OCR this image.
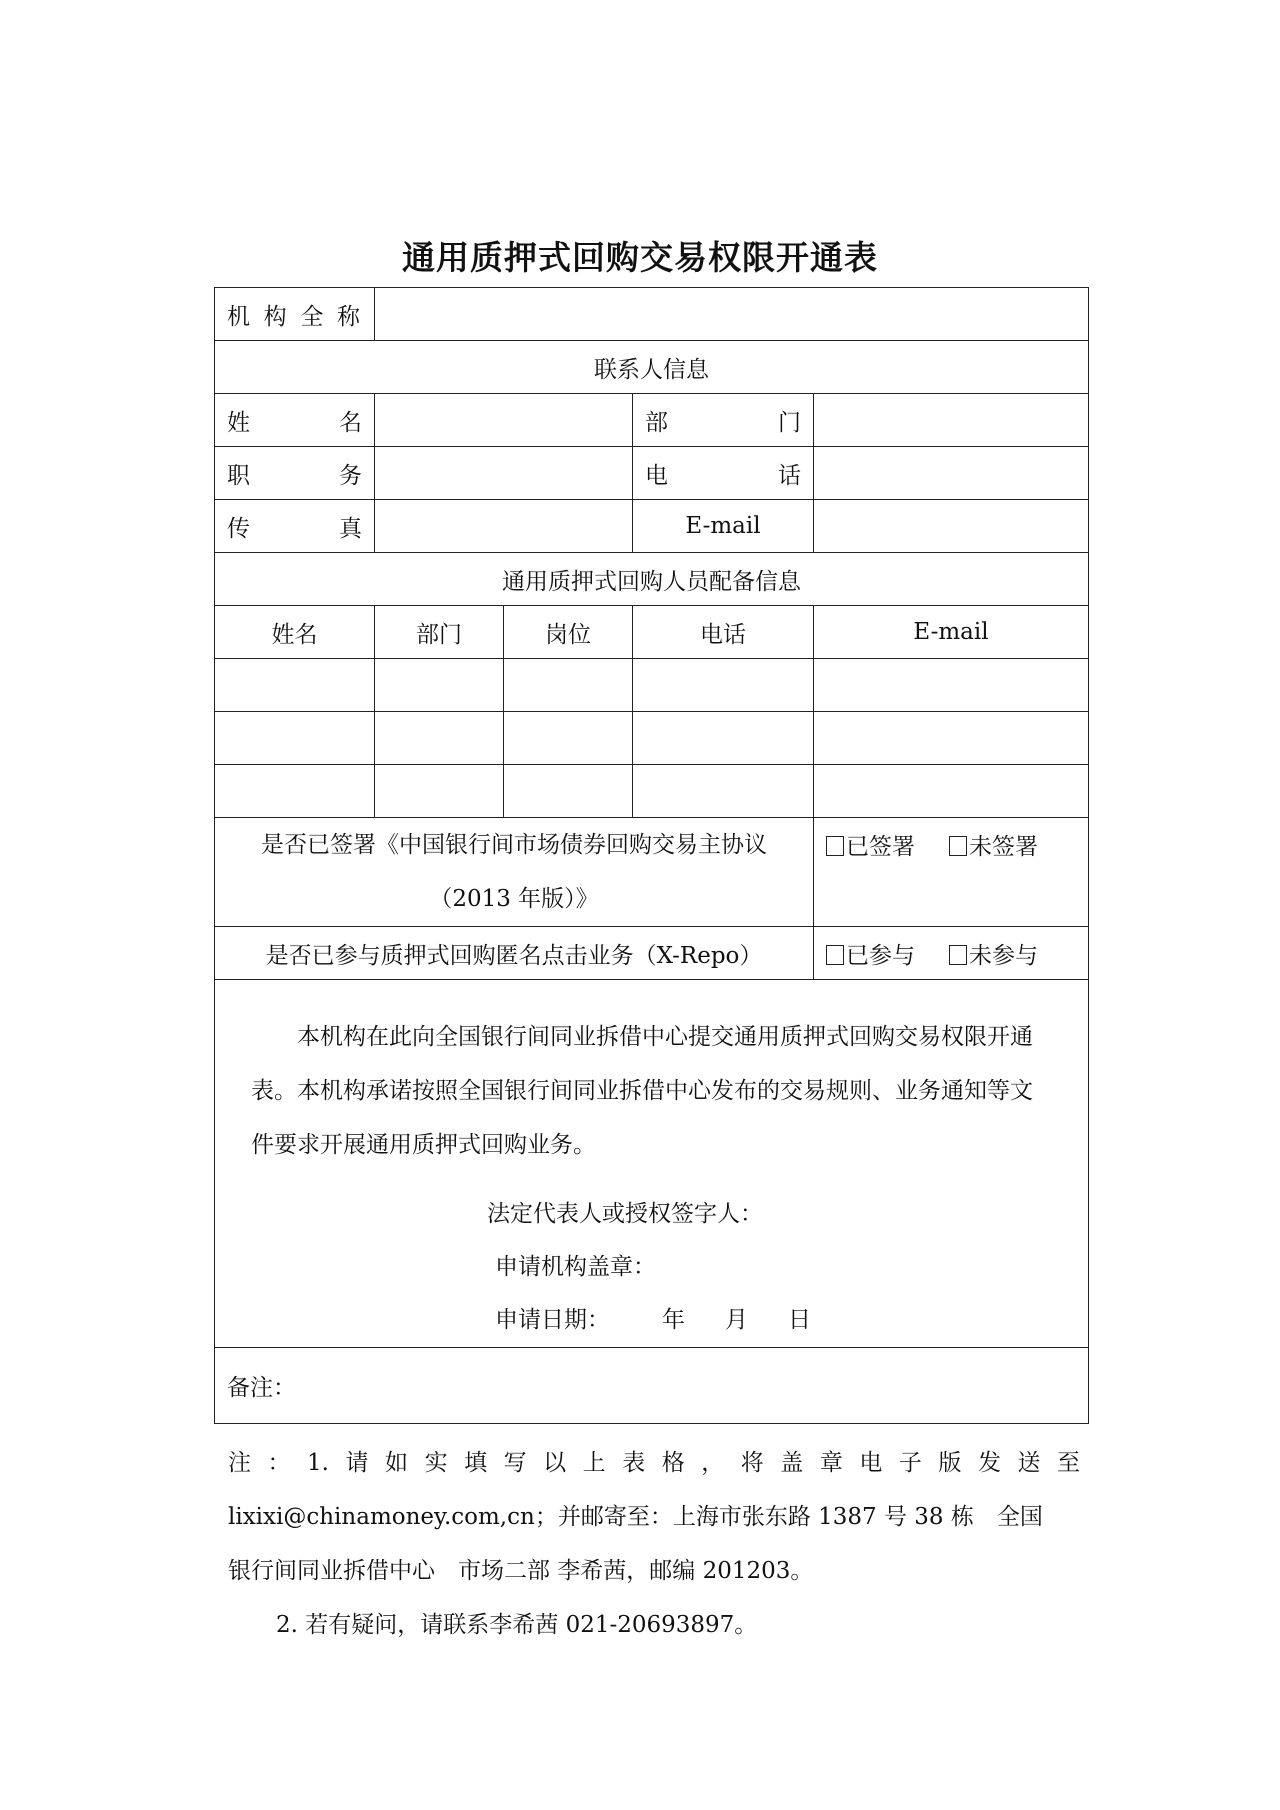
通用质押式回购交易权限开通表
机构全称				
联系人信息				
姓名			部门	
职务			电话	
传真			E-mail	
通用质押式回购人员配备信息				
姓名	部门	岗位	电话	E-mail

是否已签署《中国银行间市场债券回购交易主协议
（2013 年版）》				已签署 未签署
是否已参与质押式回购匿名点击业务（X-Repo）				已参与 未参与

本机构在此向全国银行间同业拆借中心提交通用质押式回购交易权限开通表。本机构承诺按照全国银行间同业拆借中心发布的交易规则、业务通知等文件要求开展通用质押式回购业务。
法定代表人或授权签字人：
申请机构盖章：
申请日期： 年 月 日				

备注：				
注：1.请如实填写以上表格，将盖章电子版发送至
lixixi@chinamoney.com,cn；并邮寄至：上海市张东路 1387 号 38 栋　全国
银行间同业拆借中心　市场二部 李希茜，邮编 201203。
2. 若有疑问，请联系李希茜 021-20693897。
